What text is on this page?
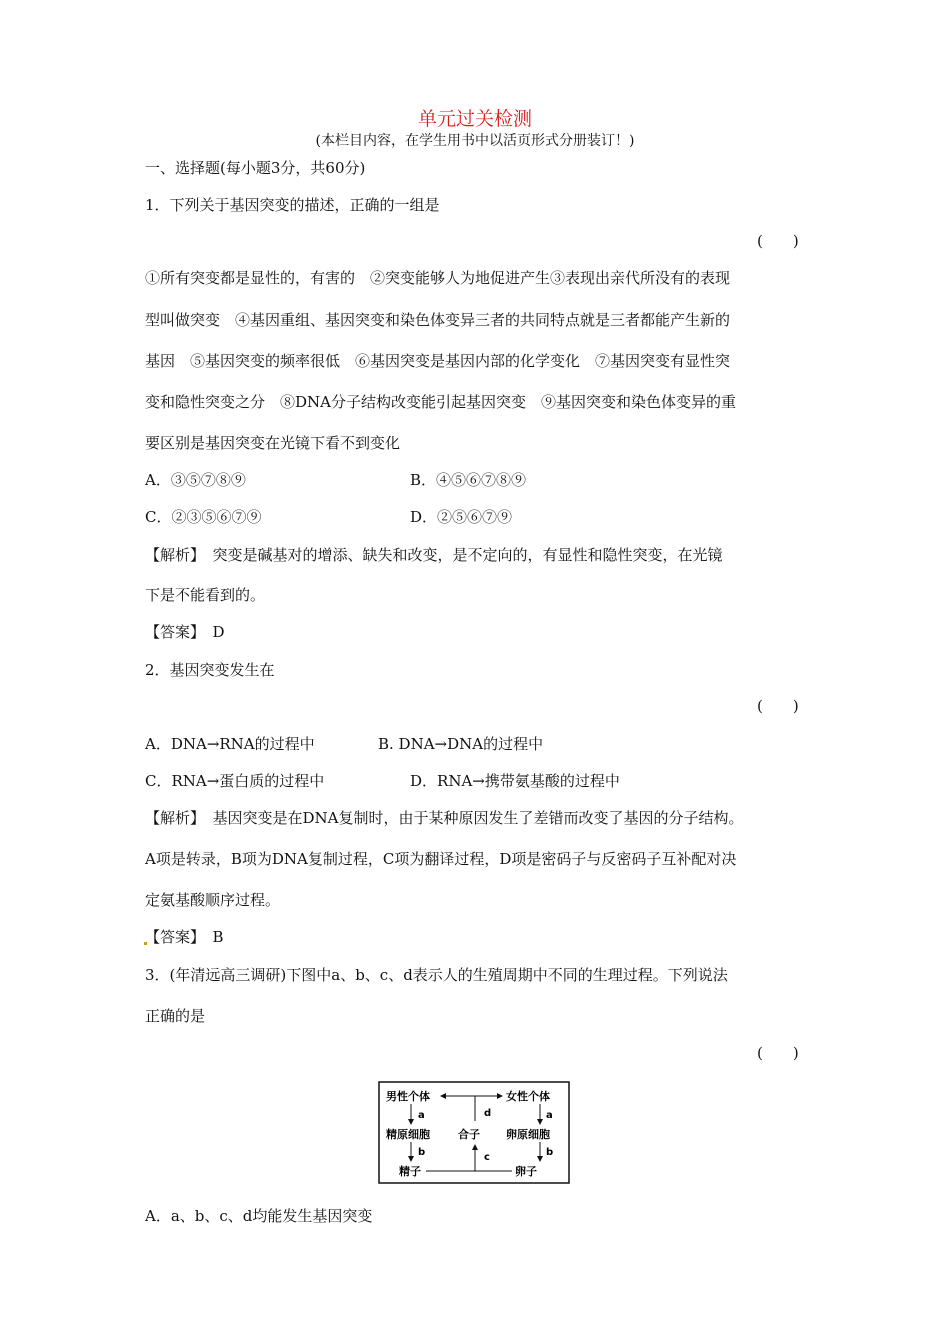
单元过关检测
(本栏目内容，在学生用书中以活页形式分册装订！)
一、选择题(每小题3分，共60分)
1．下列关于基因突变的描述，正确的一组是
(　　)
①所有突变都是显性的，有害的　②突变能够人为地促进产生③表现出亲代所没有的表现
型叫做突变　④基因重组、基因突变和染色体变异三者的共同特点就是三者都能产生新的
基因　⑤基因突变的频率很低　⑥基因突变是基因内部的化学变化　⑦基因突变有显性突
变和隐性突变之分　⑧DNA分子结构改变能引起基因突变　⑨基因突变和染色体变异的重
要区别是基因突变在光镜下看不到变化
A．③⑤⑦⑧⑨	B．④⑤⑥⑦⑧⑨
C．②③⑤⑥⑦⑨	D．②⑤⑥⑦⑨
【解析】　突变是碱基对的增添、缺失和改变，是不定向的，有显性和隐性突变，在光镜
下是不能看到的。
【答案】　D
2．基因突变发生在
(　　)
A．DNA→RNA的过程中	B. DNA→DNA的过程中
C．RNA→蛋白质的过程中	D．RNA→携带氨基酸的过程中
【解析】　基因突变是在DNA复制时，由于某种原因发生了差错而改变了基因的分子结构。
A项是转录，B项为DNA复制过程，C项为翻译过程，D项是密码子与反密码子互补配对决
定氨基酸顺序过程。
【答案】　B
3．(年清远高三调研)下图中a、b、c、d表示人的生殖周期中不同的生理过程。下列说法
正确的是
(　　)
男性个体	女性个体
d
a	a
精原细胞	合子 卵原细胞
b	b
精子	卵子
c
A．a、b、c、d均能发生基因突变
